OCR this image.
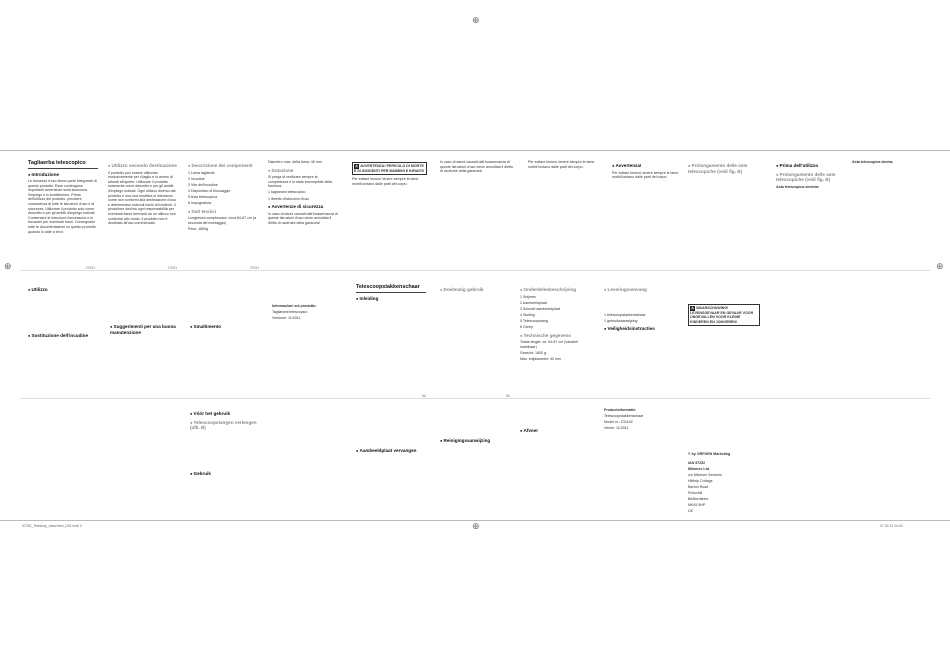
⊕
⊕	⊕
⊕
Tagliaerba telescopico
● Introduzione

Le istruzioni d'uso fanno parte integrante di questo prodotto. Esse contengono importanti avvertenze sulla sicurezza, l'impiego e lo smaltimento. Prima dell'utilizzo del prodotto, prendere conoscenza di tutte le istruzioni d'uso e di sicurezza. Utilizzare il prodotto solo come descritto e per gli ambiti d'impiego indicati. Conservare le istruzioni d'accessorio e le istruzioni per eventuali futuri. Consegnarle tutte le documentazioni su questo prodotto quando lo date a terzi.

● Utilizzo secondo destinazione

Il prodotto può essere utilizzato esclusivamente per il taglio e lo ammo di arbusti all'aperto. Utilizzare il prodotto solamente come descritto e per gli ambiti d'impiego indicati. Ogni utilizzo diverso dal prodotto e una sua modifica si intendono come non conformi alla destinazione d'uso e determinano notevoli rischi di incidenti. Il produttore declina ogni responsabilità per eventuali danni derivanti da un utilizzo non conforme allo modo. Il prodotto non è destinato all'uso commerciale.

● Descrizione dei componenti

1 Lama tagliente

2 Incudine

3 Vite dell'incudine

4 Dispositivo di bloccaggio

5 Asta telescopica

6 Impugnatura

● Dati tecnici

Lunghezza complessiva: circa 64-87 cm (a seconda del montaggio)

Peso: 1800g

Diametro max. della lama: 40 mm

● Dotazione

Si prega di verificare sempre la completezza e lo stato ineccepibile della fornitura.

1 tagliarami telescopico

1 libretto d'istruzioni d'uso

● Avvertenze di sicurezza

In caso di danni causati dall'inosservanza di queste istruzioni d'uso viene annullata il diritto di usufruire della garanzia!

⚠ AVVERTENZA! PERICOLO DI MORTE E DI INCIDENTI PER BAMBINI E INFANTI!

Per evitare lesioni, tenere sempre le lame mobili lontano dalle parti del corpo.

In caso di danni causati dall'inosservanza di queste istruzioni d'uso viene annullata il diritto di usufruire della garanzia!

Per evitare lesioni, tenere sempre le lame mobili lontano dalle parti del corpo.	● Avvertenza!

Per evitare lesioni, tenere sempre le lame mobili lontano dalle parti del corpo.

● Prolungamento delle aste telescopiche (vedi fig. B)
● Prima dell'utilizzo
● Prolungamento delle aste telescopiche (vedi fig. B)

Asta telescopica sinistra:

Asta telescopica destra:

● Utilizzo
● Sostituzione dell'incudine
● Suggerimenti per una buona manutenzione
● Smaltimento

Informazioni sul prodotto:

Tagliarami telescopico

Versione: 11/2011

Telescoopstakkenschaar
● Inleiding
● Doelmatig gebruik	● Onderdelenbeschrijving

1 Snijmes

2 Aambeeldplaat

3 Schroef aambeeldplaat

4 Sluiting

5 Telescoopstang

6 Greep

● Technische gegevens

Totale lengte: ca. 64-87 cm (variabel instelbaar)

Gewicht: 1800 g

Max. snijdiameter: 40 mm

● Leveringsomvang

1 telescoopstakkenschaar

1 gebruiksaanwijzing

● Veiligheidsinstructies
⚠ WAARSCHUWING! LEVENSGEVAAR EN GEVAAR VOOR ONGEVALLEN VOOR KLEINE KINDEREN EN JONGEREN!
● Vóór het gebruik
● Telescoopstangen verlengen (afb. B)
● Gebruik
● Aambeeldplaat vervangen
● Reinigingsaanwijzing
● Afvoer

Productinformatie:

Telescoopstakkenschaar

Model nr.: Z31102

Versie: 11/2011

© by ORFGEN Marketing

IAN 57252

Milomex Ltd.

c/o Milomex Services

Hillbrip Cottage

Barton Road

Pulloxhill

Bedfordshire

MK45 5HP

UK

IT/CH	IT/CH	IT/CH
NL	NL
57252_Teleskop_Astschere_LB1.indd 2	07.02.12 14:40
